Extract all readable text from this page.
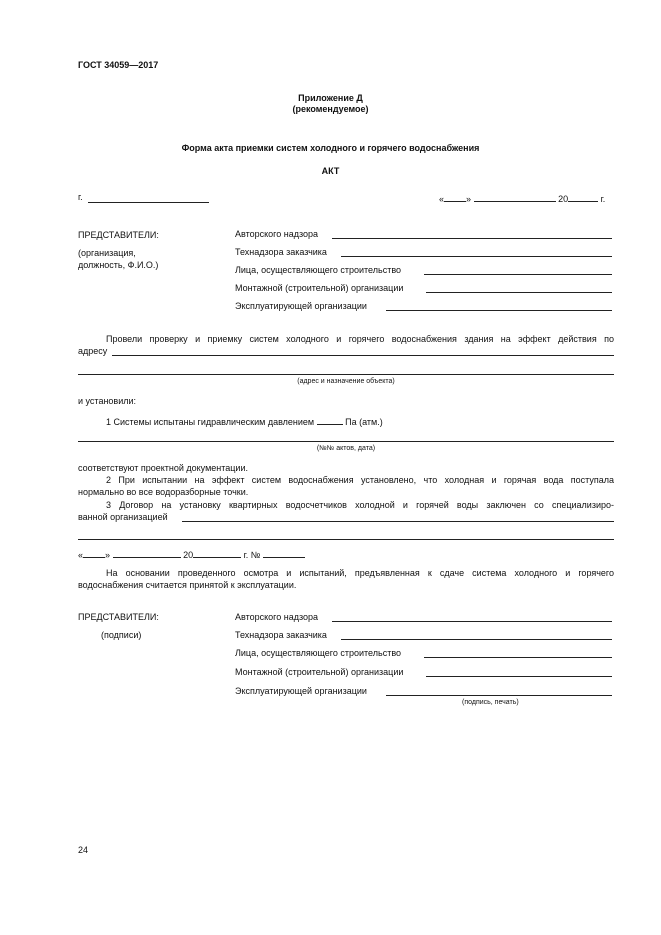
ГОСТ 34059—2017
Приложение Д
(рекомендуемое)
Форма акта приемки систем холодного и горячего водоснабжения
АКТ
г.	« »	20	г.
ПРЕДСТАВИТЕЛИ:
(организация,
должность, Ф.И.О.)
Авторского надзора
Технадзора заказчика
Лица, осуществляющего строительство
Монтажной (строительной) организации
Эксплуатирующей организации
Провели проверку и приемку систем холодного и горячего водоснабжения здания на эффект действия по
адресу
(адрес и назначение объекта)
и установили:
1 Системы испытаны гидравлическим давлением	Па (атм.)
(№№ актов, дата)
соответствуют проектной документации.
2 При испытании на эффект систем водоснабжения установлено, что холодная и горячая вода поступала
нормально во все водоразборные точки.
3 Договор на установку квартирных водосчетчиков холодной и горячей воды заключен со специализиро-
ванной организацией
« »	20	г. №
На основании проведенного осмотра и испытаний, предъявленная к сдаче система холодного и горячего
водоснабжения считается принятой к эксплуатации.
ПРЕДСТАВИТЕЛИ:
(подписи)
Авторского надзора
Технадзора заказчика
Лица, осуществляющего строительство
Монтажной (строительной) организации
Эксплуатирующей организации
(подпись, печать)
24
